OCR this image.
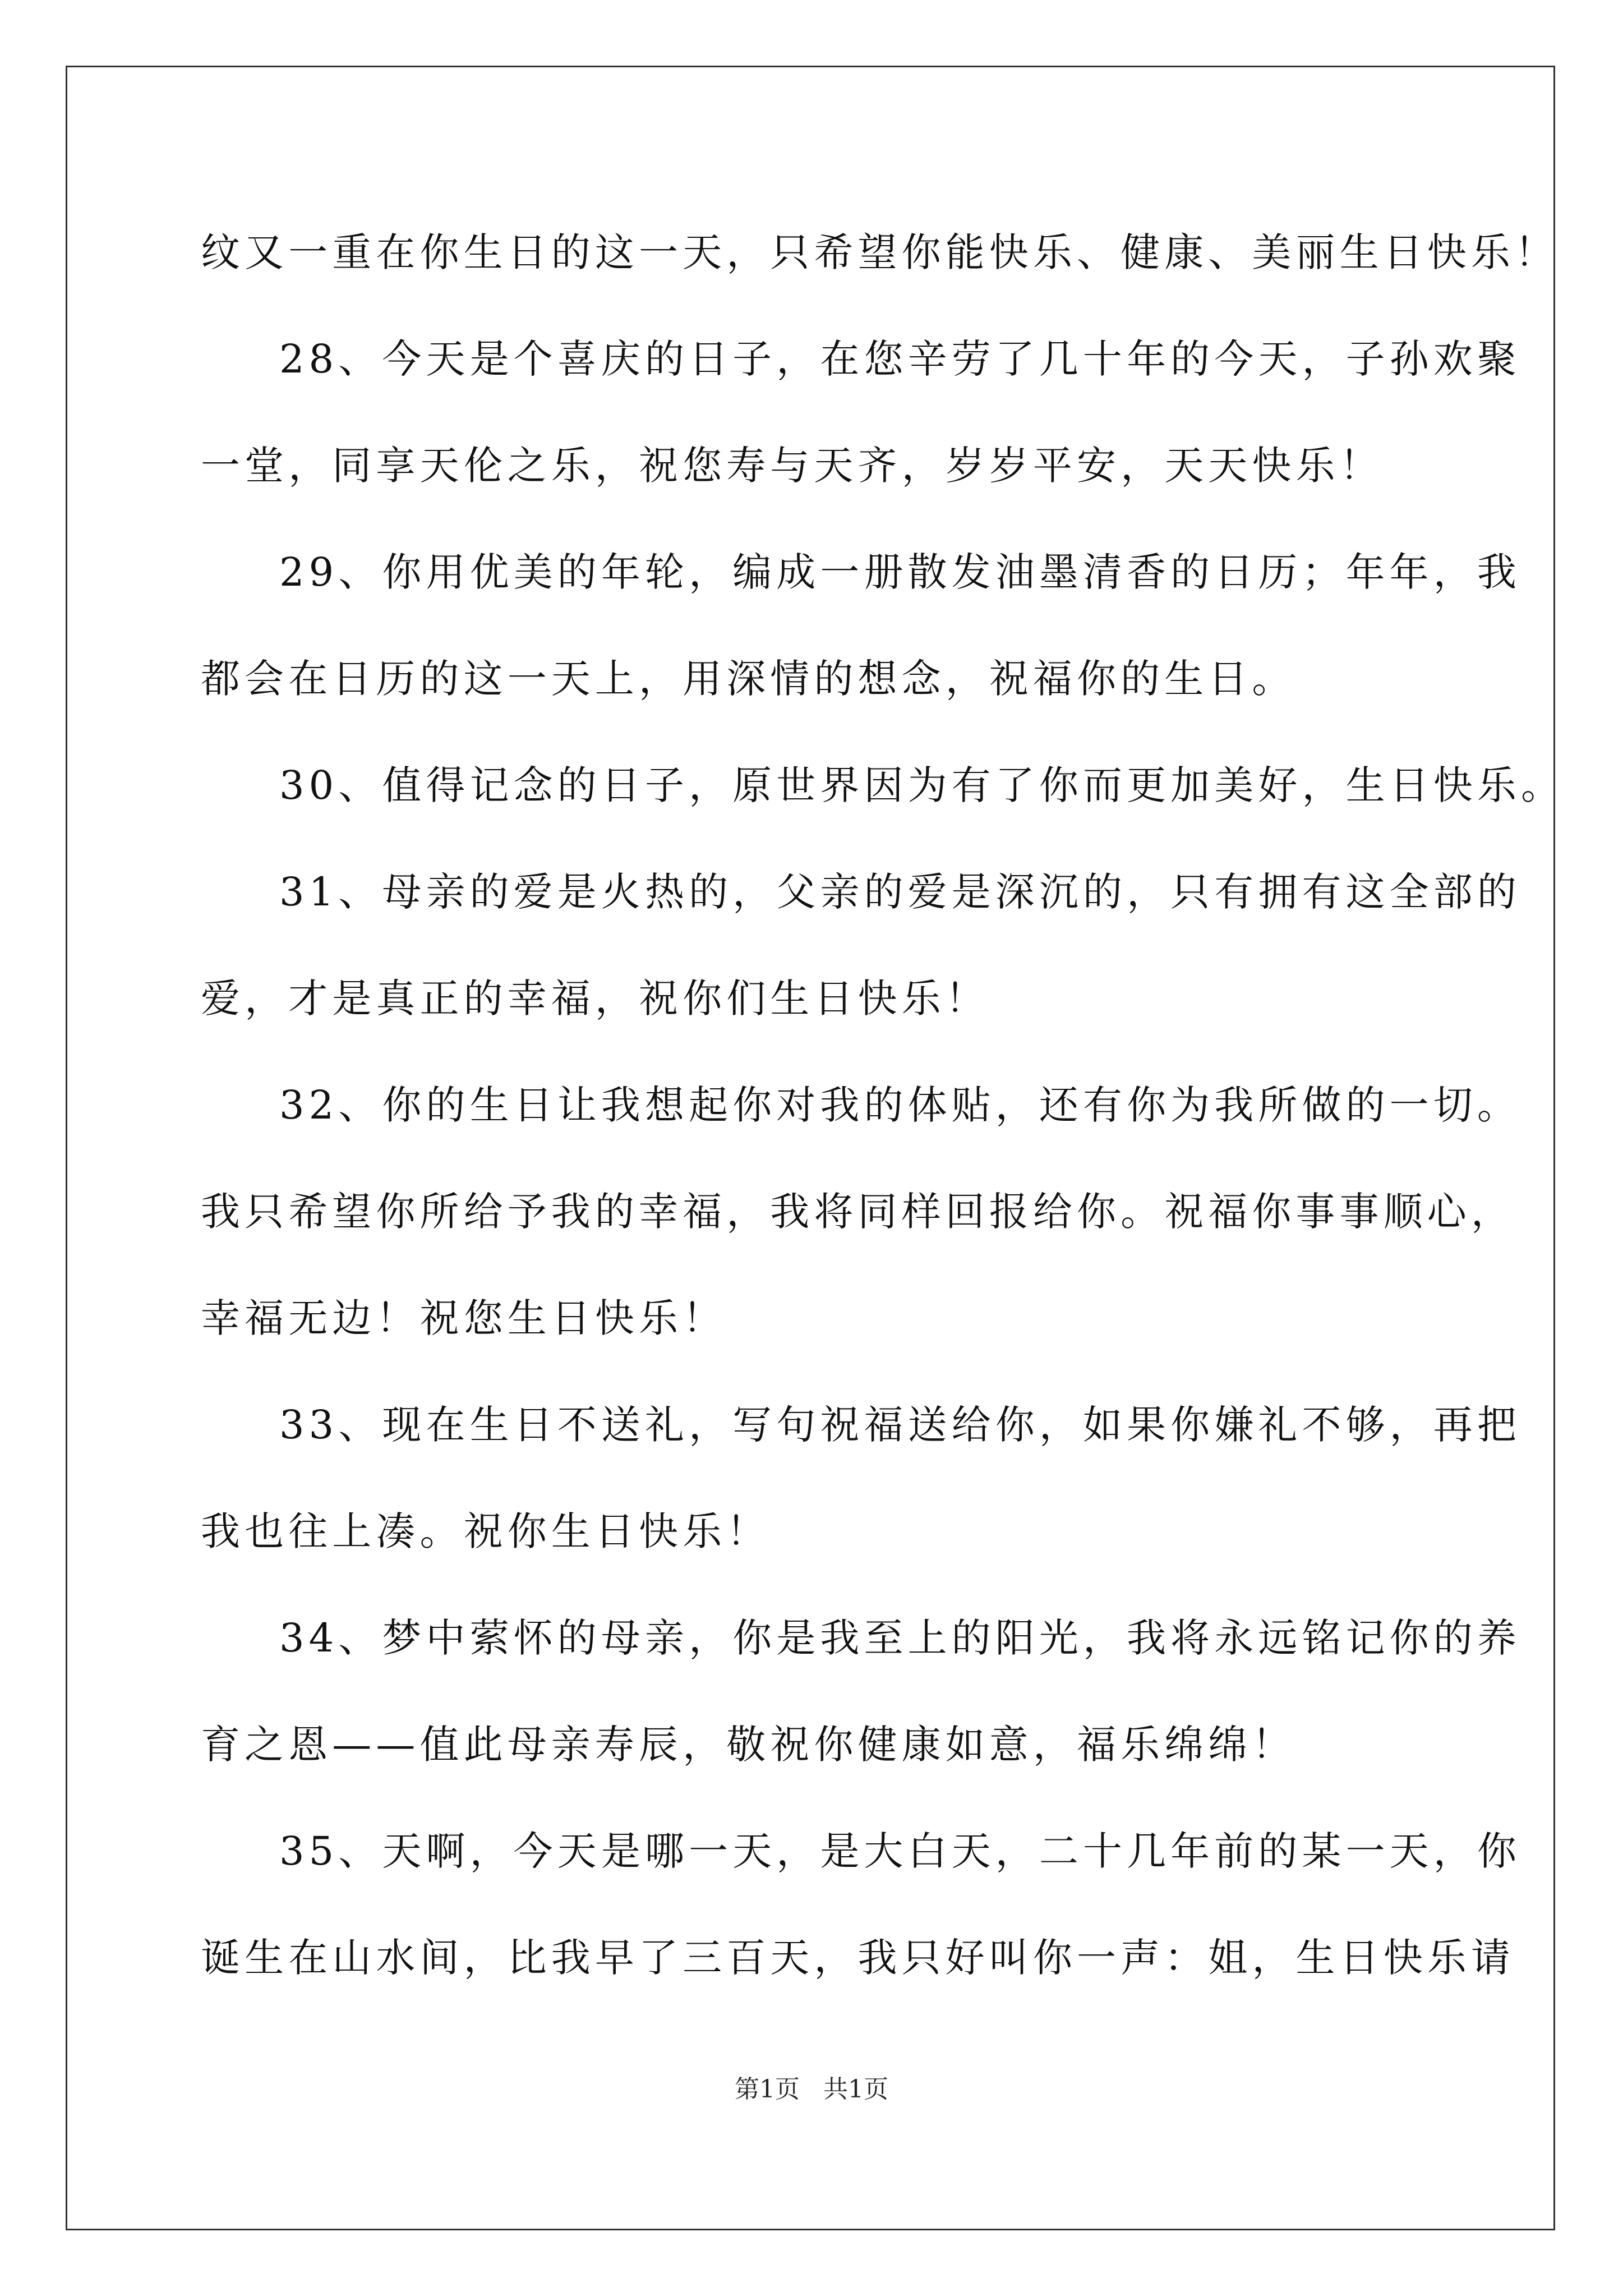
纹又一重在你生日的这一天，只希望你能快乐、健康、美丽生日快乐！
28、今天是个喜庆的日子，在您辛劳了几十年的今天，子孙欢聚
一堂，同享天伦之乐，祝您寿与天齐，岁岁平安，天天快乐！
29、你用优美的年轮，编成一册散发油墨清香的日历；年年，我
都会在日历的这一天上，用深情的想念，祝福你的生日。
30、值得记念的日子，原世界因为有了你而更加美好，生日快乐。
31、母亲的爱是火热的，父亲的爱是深沉的，只有拥有这全部的
爱，才是真正的幸福，祝你们生日快乐！
32、你的生日让我想起你对我的体贴，还有你为我所做的一切。
我只希望你所给予我的幸福，我将同样回报给你。祝福你事事顺心，
幸福无边！祝您生日快乐！
33、现在生日不送礼，写句祝福送给你，如果你嫌礼不够，再把
我也往上凑。祝你生日快乐！
34、梦中萦怀的母亲，你是我至上的阳光，我将永远铭记你的养
育之恩——值此母亲寿辰，敬祝你健康如意，福乐绵绵！
35、天啊，今天是哪一天，是大白天，二十几年前的某一天，你
诞生在山水间，比我早了三百天，我只好叫你一声：姐，生日快乐请
第1页   共1页
